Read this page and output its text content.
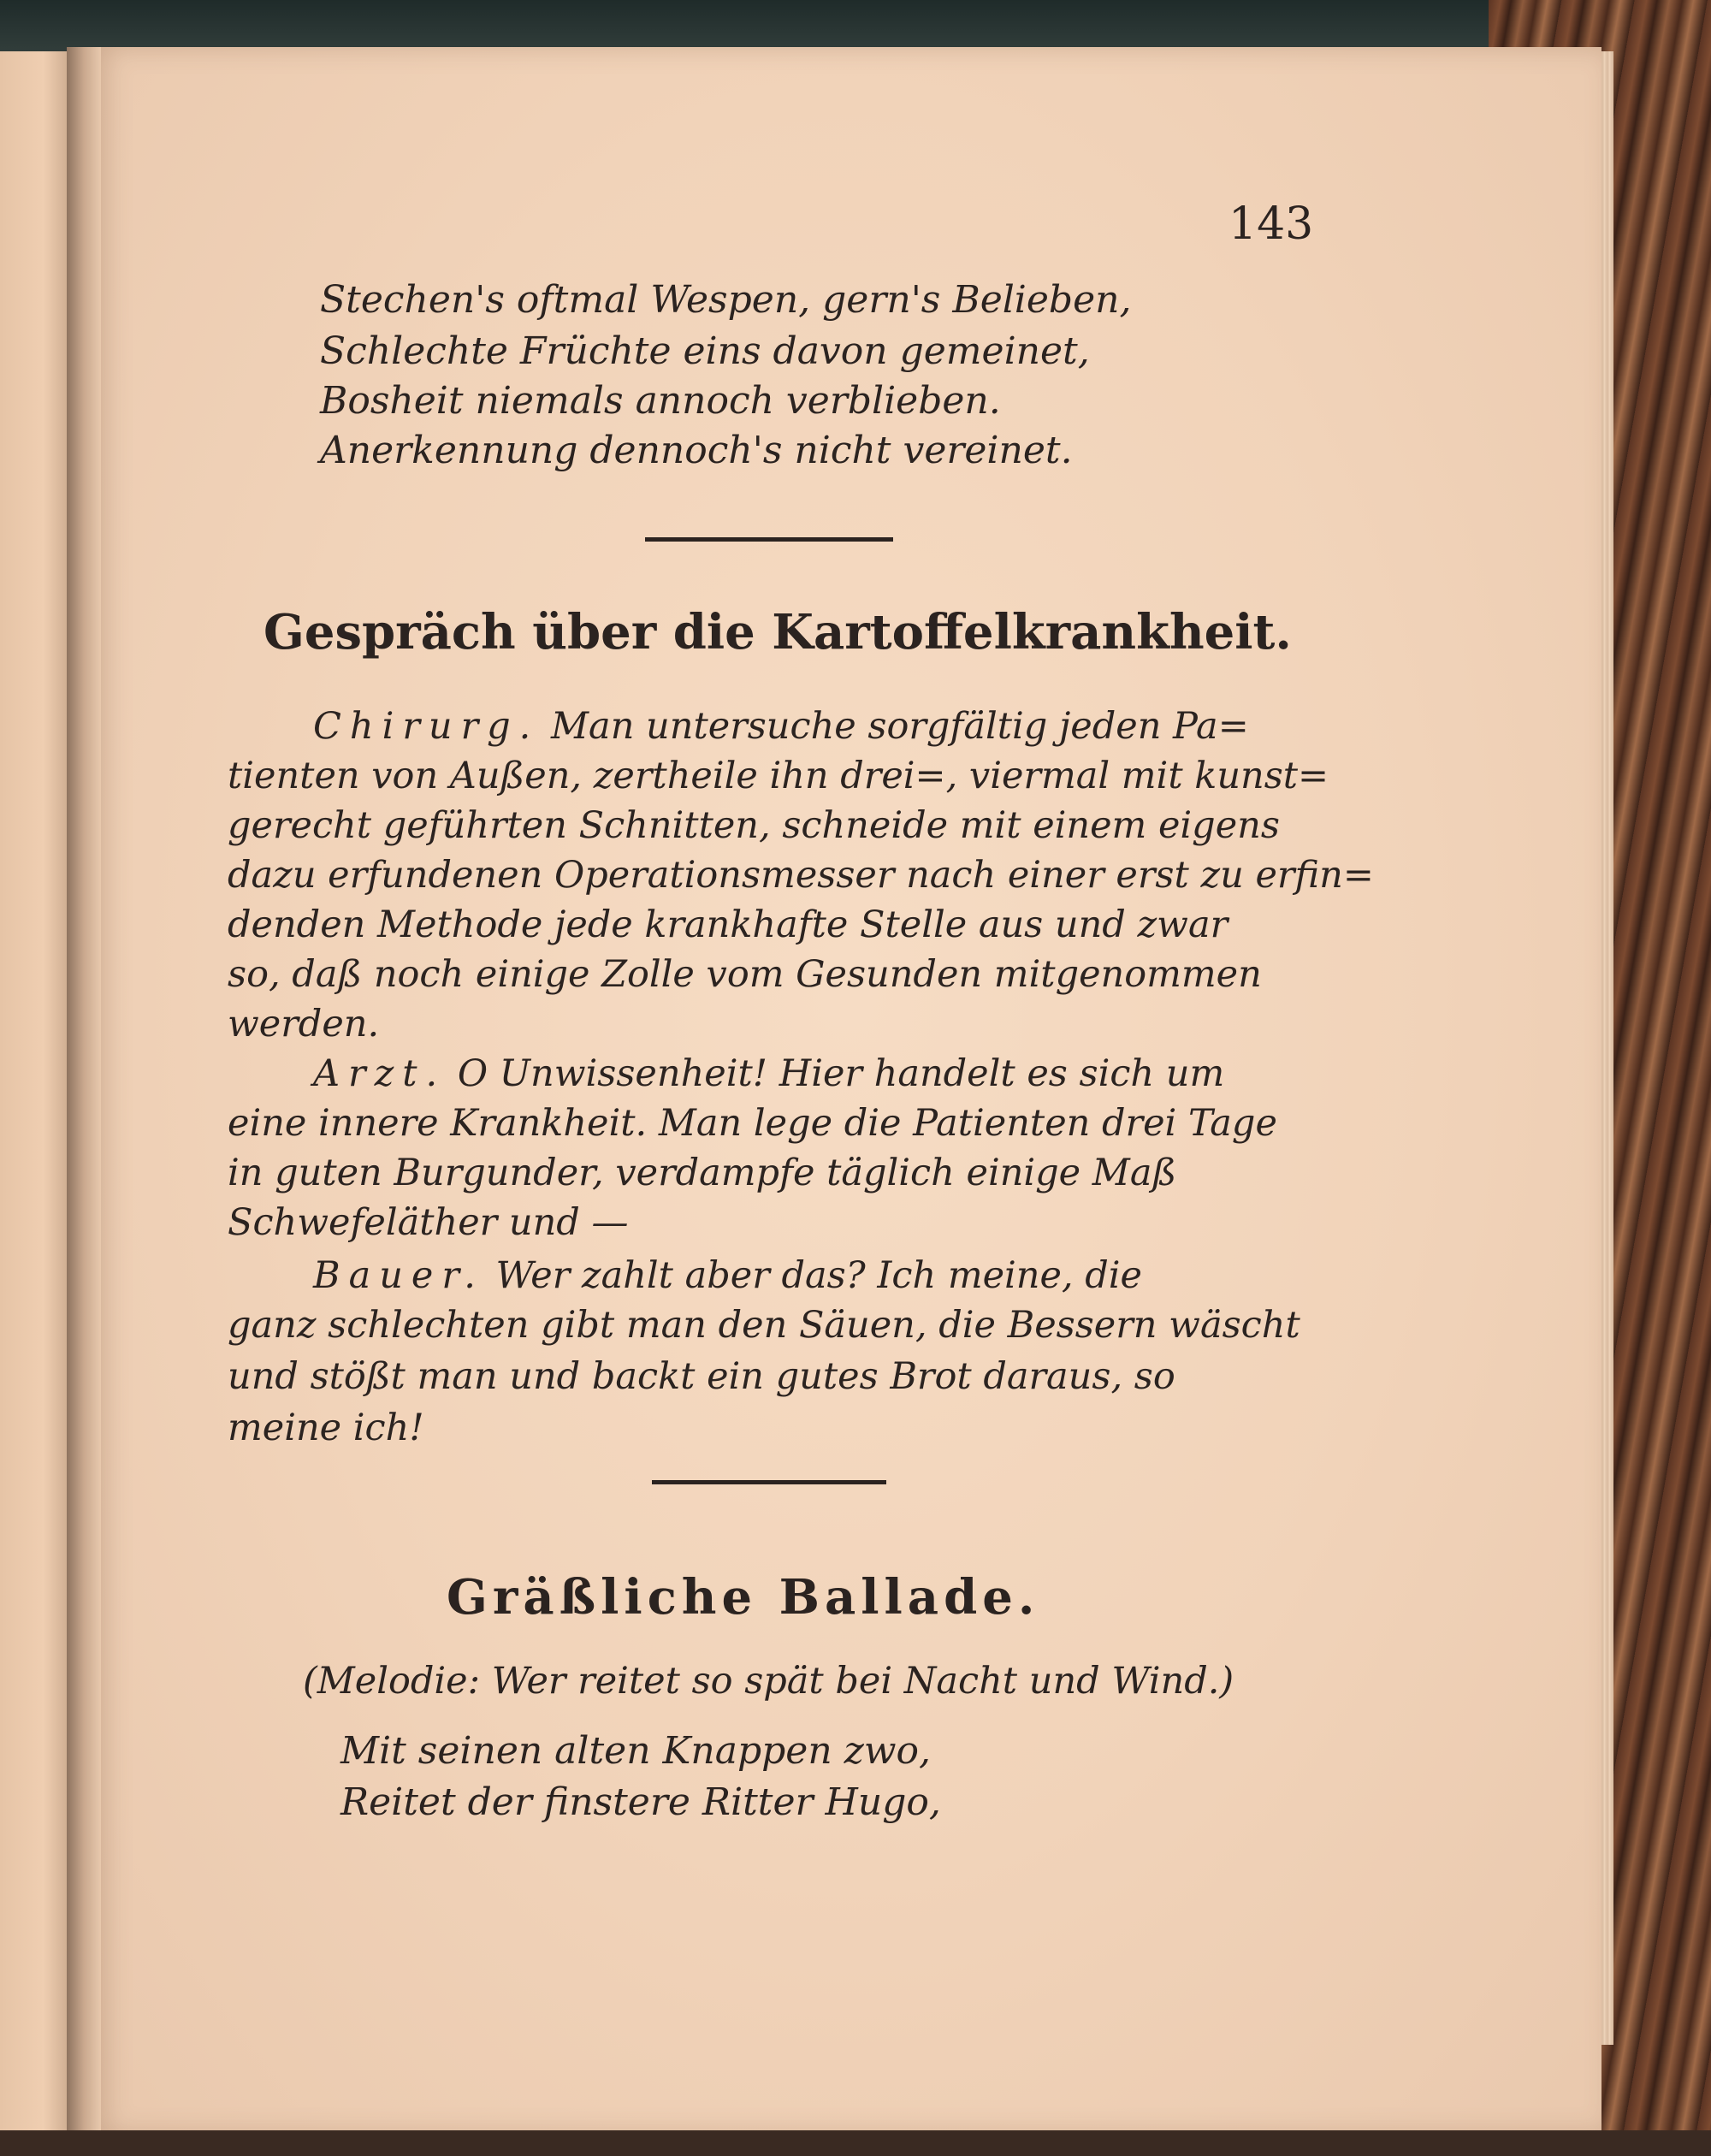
143
Stechen's oftmal Wespen, gern's Belieben,
Schlechte Früchte eins davon gemeinet,
Bosheit niemals annoch verblieben.
Anerkennung dennoch's nicht vereinet.
Gespräch über die Kartoffelkrankheit.
Chirurg. Man untersuche sorgfältig jeden Pa=
tienten von Außen, zertheile ihn drei=, viermal mit kunst=
gerecht geführten Schnitten, schneide mit einem eigens
dazu erfundenen Operationsmesser nach einer erst zu erfin=
denden Methode jede krankhafte Stelle aus und zwar
so, daß noch einige Zolle vom Gesunden mitgenommen
werden.
Arzt. O Unwissenheit! Hier handelt es sich um
eine innere Krankheit. Man lege die Patienten drei Tage
in guten Burgunder, verdampfe täglich einige Maß
Schwefeläther und —
Bauer. Wer zahlt aber das? Ich meine, die
ganz schlechten gibt man den Säuen, die Bessern wäscht
und stößt man und backt ein gutes Brot daraus, so
meine ich!
Gräßliche Ballade.
(Melodie: Wer reitet so spät bei Nacht und Wind.)
Mit seinen alten Knappen zwo,
Reitet der finstere Ritter Hugo,
